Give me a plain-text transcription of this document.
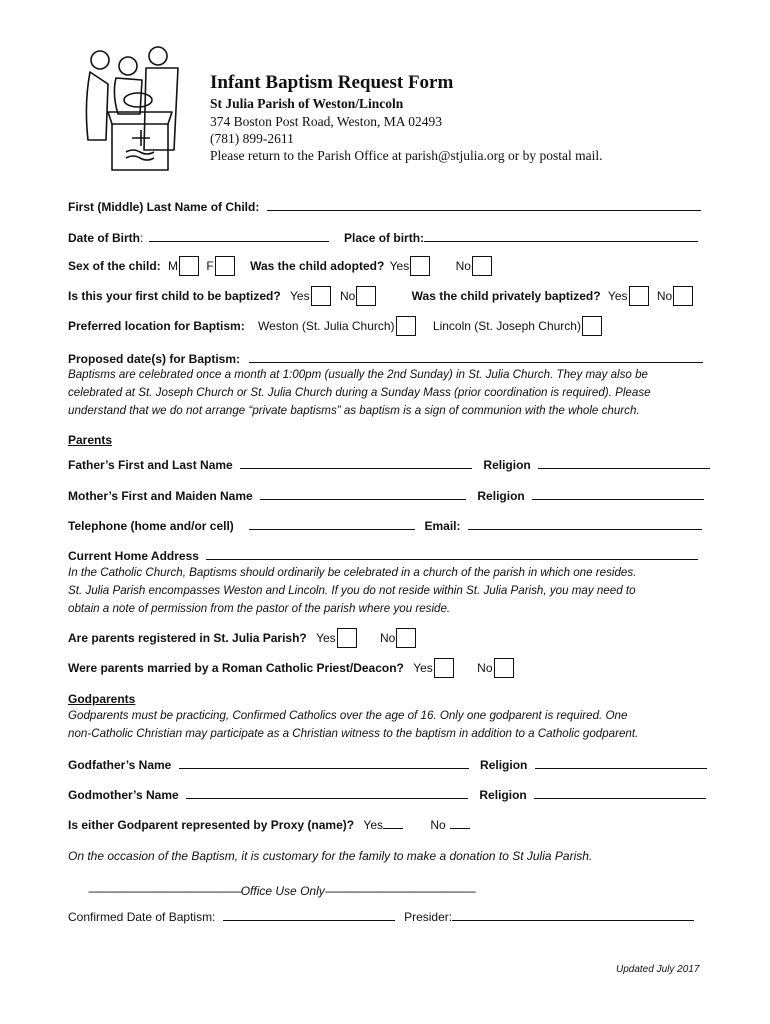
Infant Baptism Request Form
St Julia Parish of Weston/Lincoln
374 Boston Post Road, Weston, MA 02493
(781) 899-2611
Please return to the Parish Office at parish@stjulia.org or by postal mail.
First (Middle) Last Name of Child:
Date of Birth:	Place of birth:
Sex of the child: M F	Was the child adopted? Yes	No
Is this your first child to be baptized? Yes	No	Was the child privately baptized? Yes No
Preferred location for Baptism: Weston (St. Julia Church)	Lincoln (St. Joseph Church)
Proposed date(s) for Baptism:
Baptisms are celebrated once a month at 1:00pm (usually the 2nd Sunday) in St. Julia Church. They may also be
celebrated at St. Joseph Church or St. Julia Church during a Sunday Mass (prior coordination is required). Please
understand that we do not arrange “private baptisms” as baptism is a sign of communion with the whole church.
Parents
Father’s First and Last Name	Religion
Mother’s First and Maiden Name	Religion
Telephone (home and/or cell)	Email:
Current Home Address
In the Catholic Church, Baptisms should ordinarily be celebrated in a church of the parish in which one resides.
St. Julia Parish encompasses Weston and Lincoln. If you do not reside within St. Julia Parish, you may need to
obtain a note of permission from the pastor of the parish where you reside.
Are parents registered in St. Julia Parish? Yes	No
Were parents married by a Roman Catholic Priest/Deacon? Yes	No
Godparents
Godparents must be practicing, Confirmed Catholics over the age of 16. Only one godparent is required. One
non-Catholic Christian may participate as a Christian witness to the baptism in addition to a Catholic godparent.
Godfather’s Name	Religion
Godmother’s Name	Religion
Is either Godparent represented by Proxy (name)? Yes	No
On the occasion of the Baptism, it is customary for the family to make a donation to St Julia Parish.
--------------------------------------------------------------Office Use Only-------------------------------------------------------------
Confirmed Date of Baptism:	Presider:
Updated July 2017
